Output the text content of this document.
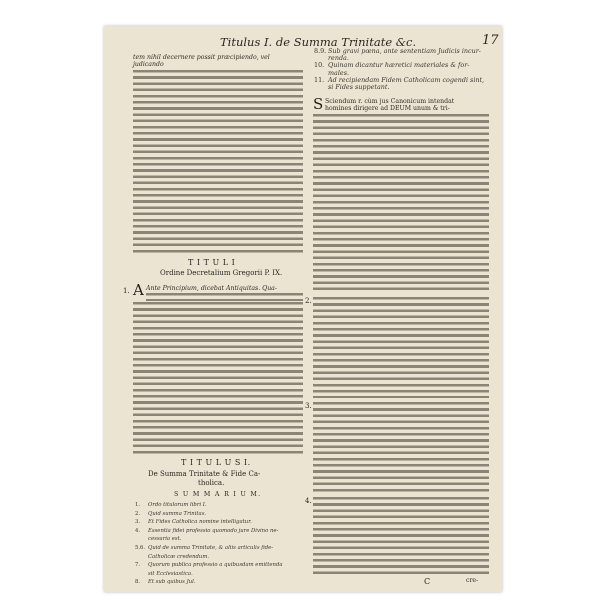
Titulus I. de Summa Trinitate &c.	17
tem nihil decernere possit præcipiendo, vel
judicando
T I T U L I
Ordine Decretalium Gregorii P. IX.
1. A Ante Principium, dicebat Antiquitas. Qua-
T I T U L U S I.
De Summa Trinitate & Fide Ca-
tholica.
S U M M A R I U M.
1. Ordo titulorum libri I.
2. Quid summa Trinitas.
3. Et Fides Catholica nomine intelligatur.
4. Essentia fidei professio quomodo jure Divino ne-
cessaria est.
5.6. Quid de summa Trinitate, & aliis articulis fide-
Catholicæ credendum.
7. Quorum publica professio a quibusdam emittenda
sit Ecclesiastica.
8. Et sub quibus Jul.
8.9. Sub gravi pœna, ante sententiam Judicis incur-
renda.
10. Quinam dicantur hæretici materiales & for-
males.
11. Ad recipiendam Fidem Catholicam cogendi sint,
si Fides suppetant.
S Sciendum r. cùm jus Canonicum intendat
homines dirigere ad DEUM unum & tri-
2.
3.
4.
C	cre-
